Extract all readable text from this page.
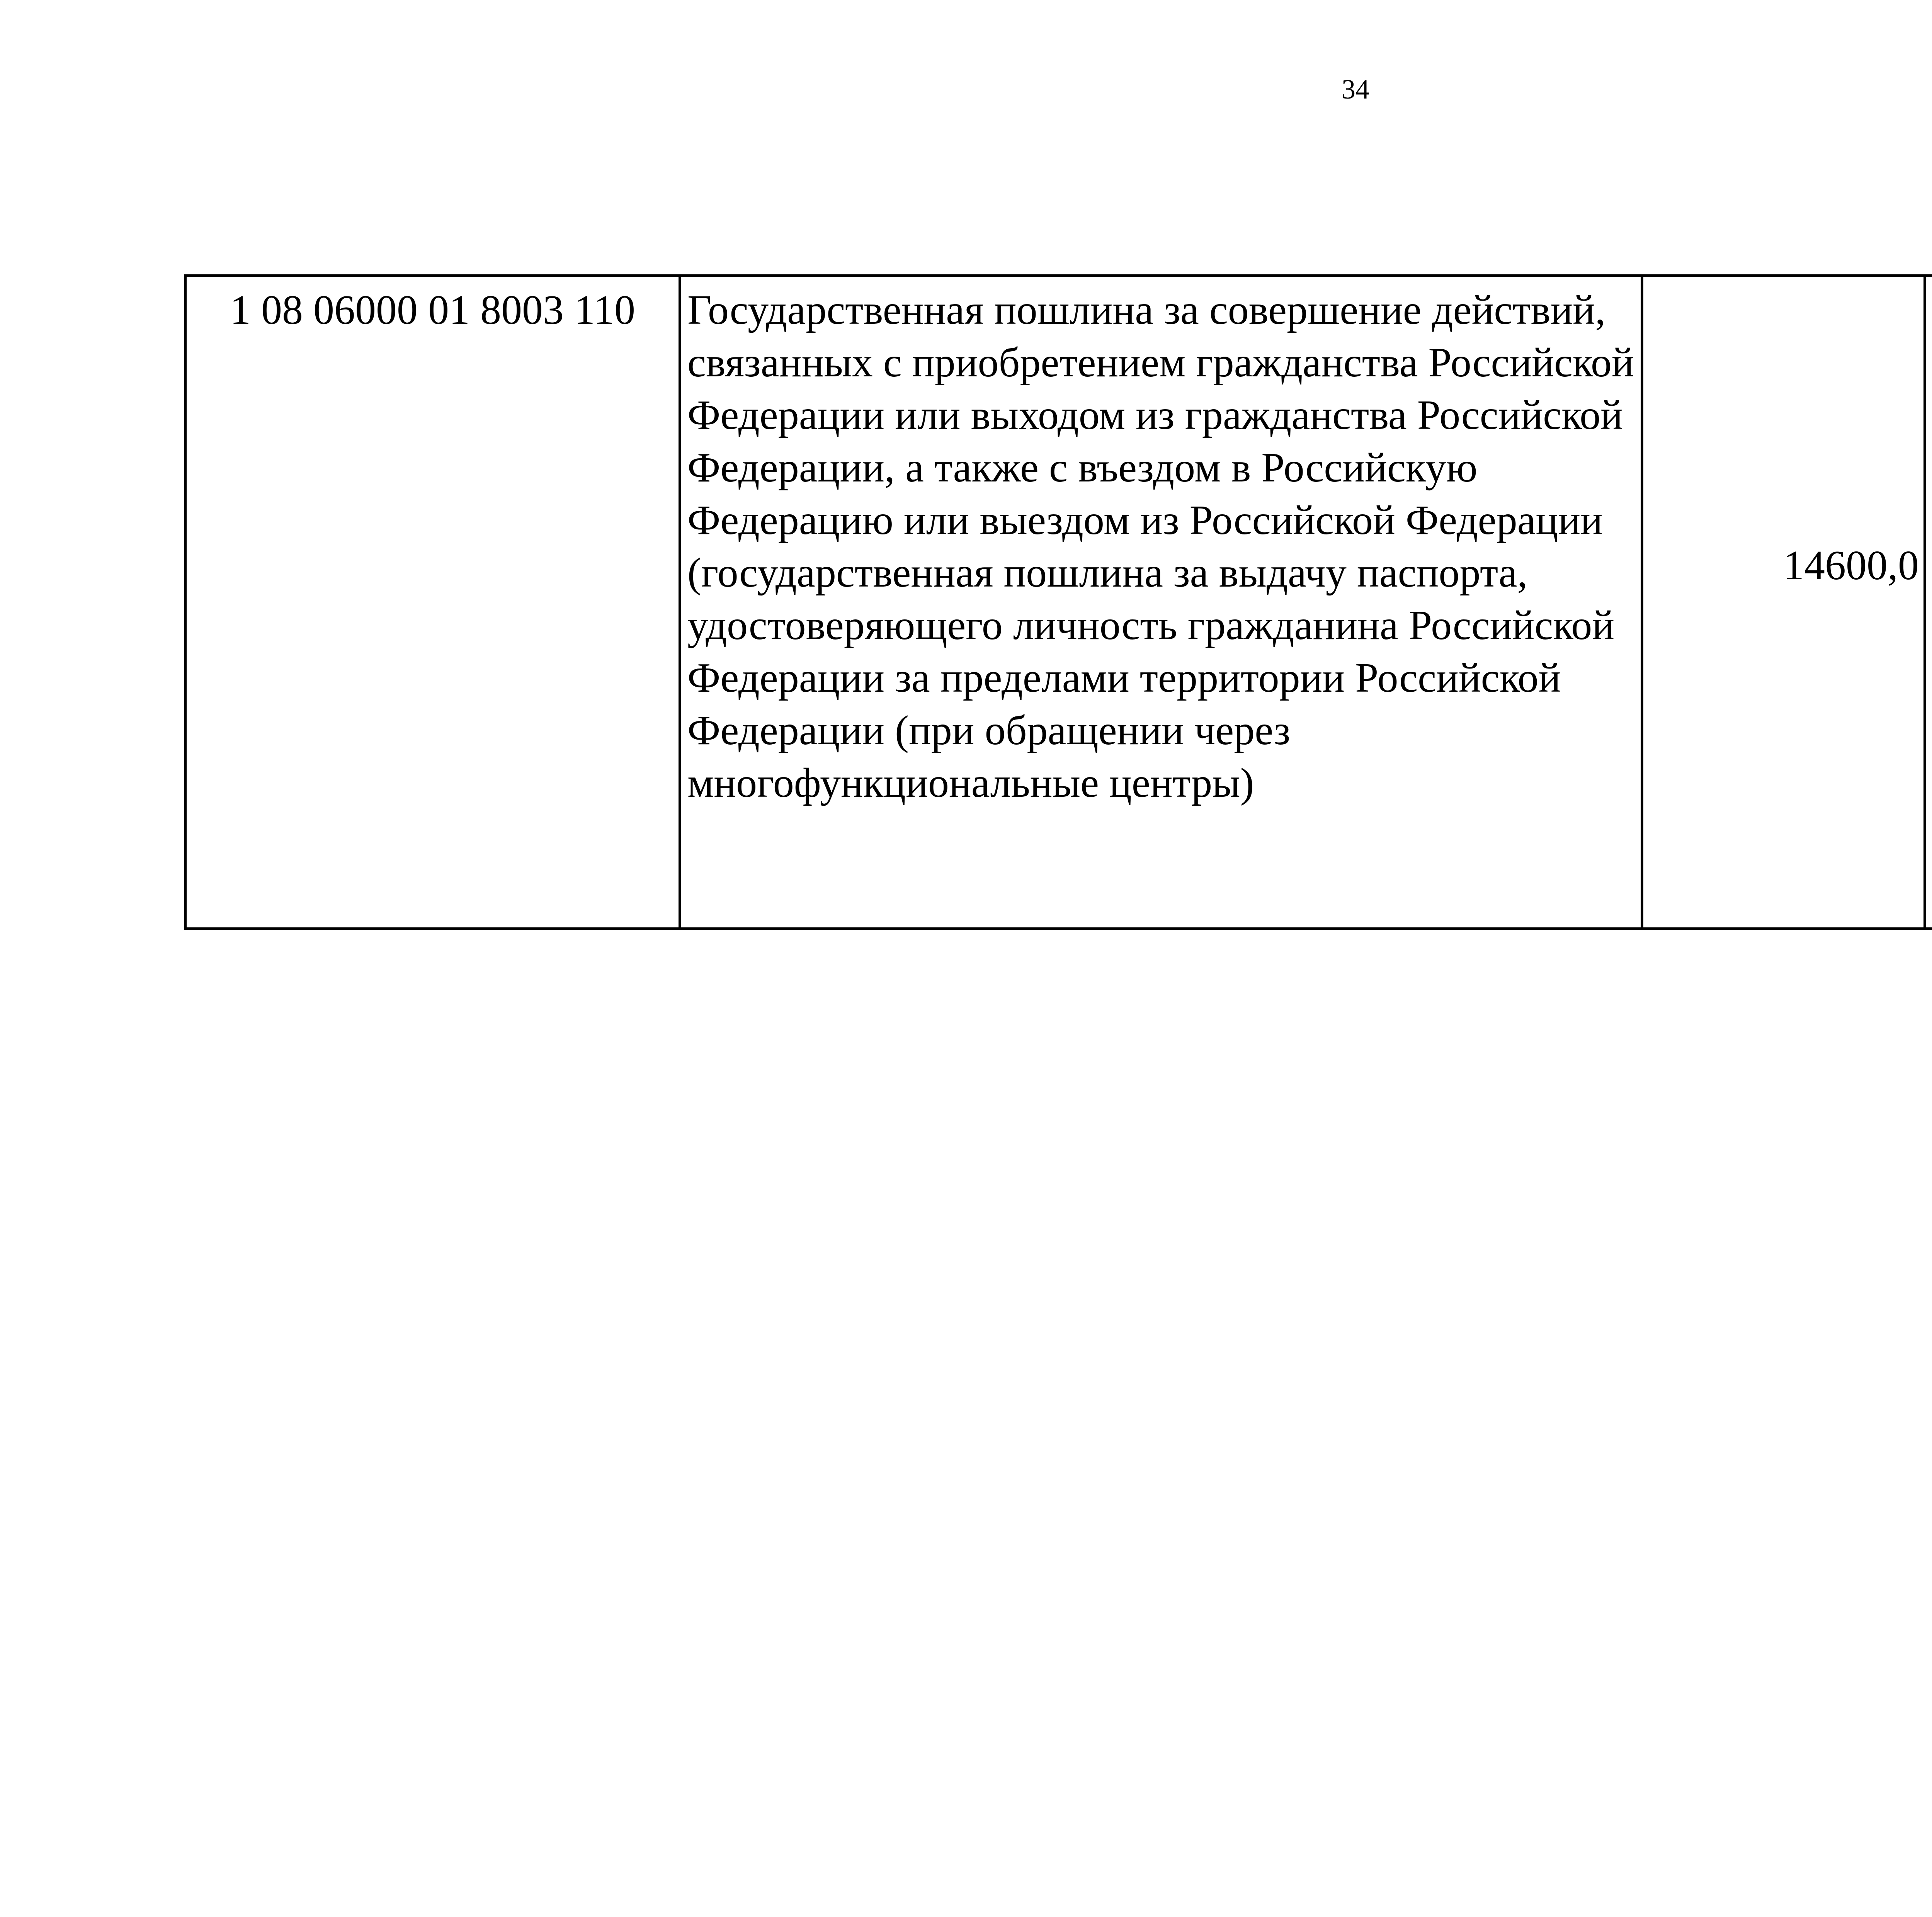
34
1 08 06000 01 8003 110	Государственная пошлина за совершение действий, связанных с приобретением гражданства Российской Федерации или выходом из гражданства Российской Федерации, а также с въездом в Российскую Федерацию или выездом из Российской Федерации (государственная пошлина за выдачу паспорта, удостоверяющего личность гражданина Российской Федерации за пределами территории Российской Федерации (при обращении через многофункциональные центры)	14600,0		
